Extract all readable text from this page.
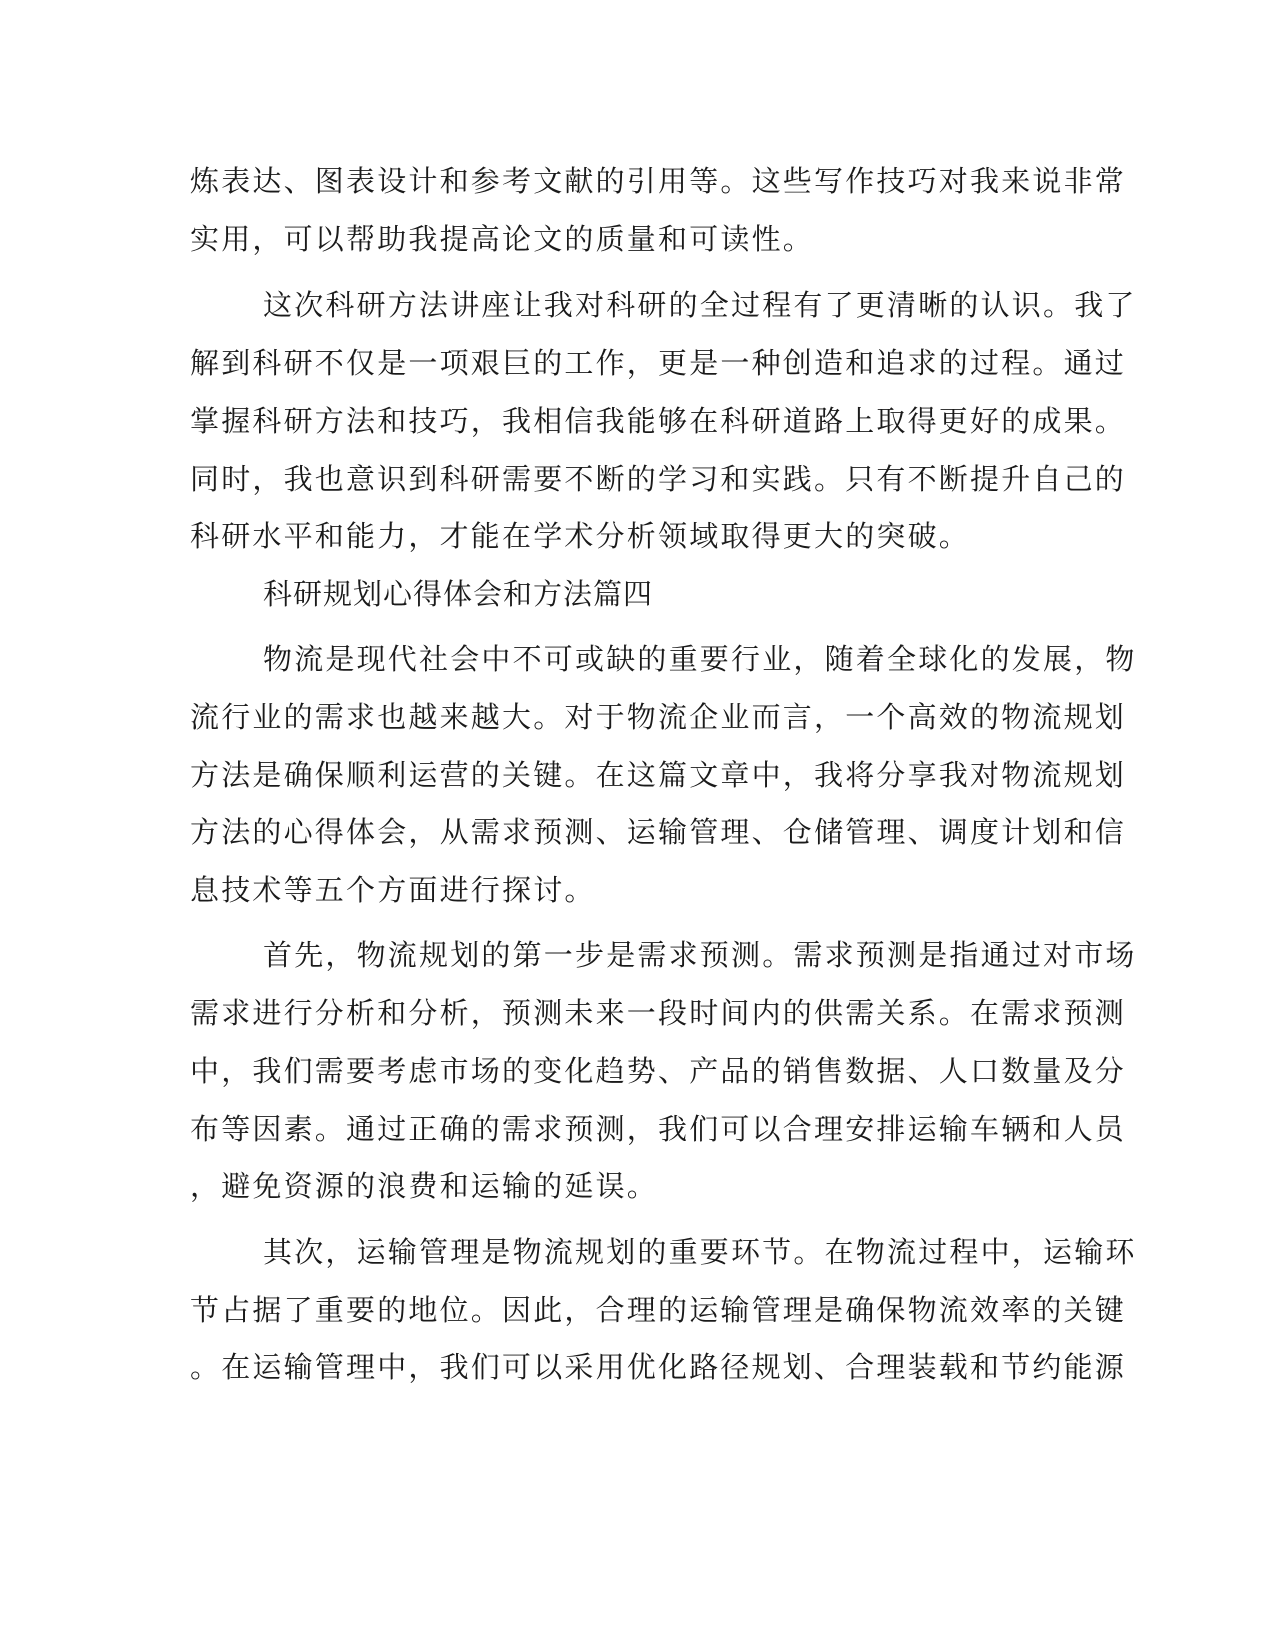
炼表达、图表设计和参考文献的引用等。这些写作技巧对我来说非常
实用，可以帮助我提高论文的质量和可读性。
这次科研方法讲座让我对科研的全过程有了更清晰的认识。我了
解到科研不仅是一项艰巨的工作，更是一种创造和追求的过程。通过
掌握科研方法和技巧，我相信我能够在科研道路上取得更好的成果。
同时，我也意识到科研需要不断的学习和实践。只有不断提升自己的
科研水平和能力，才能在学术分析领域取得更大的突破。
科研规划心得体会和方法篇四
物流是现代社会中不可或缺的重要行业，随着全球化的发展，物
流行业的需求也越来越大。对于物流企业而言，一个高效的物流规划
方法是确保顺利运营的关键。在这篇文章中，我将分享我对物流规划
方法的心得体会，从需求预测、运输管理、仓储管理、调度计划和信
息技术等五个方面进行探讨。
首先，物流规划的第一步是需求预测。需求预测是指通过对市场
需求进行分析和分析，预测未来一段时间内的供需关系。在需求预测
中，我们需要考虑市场的变化趋势、产品的销售数据、人口数量及分
布等因素。通过正确的需求预测，我们可以合理安排运输车辆和人员
，避免资源的浪费和运输的延误。
其次，运输管理是物流规划的重要环节。在物流过程中，运输环
节占据了重要的地位。因此，合理的运输管理是确保物流效率的关键
。在运输管理中，我们可以采用优化路径规划、合理装载和节约能源
